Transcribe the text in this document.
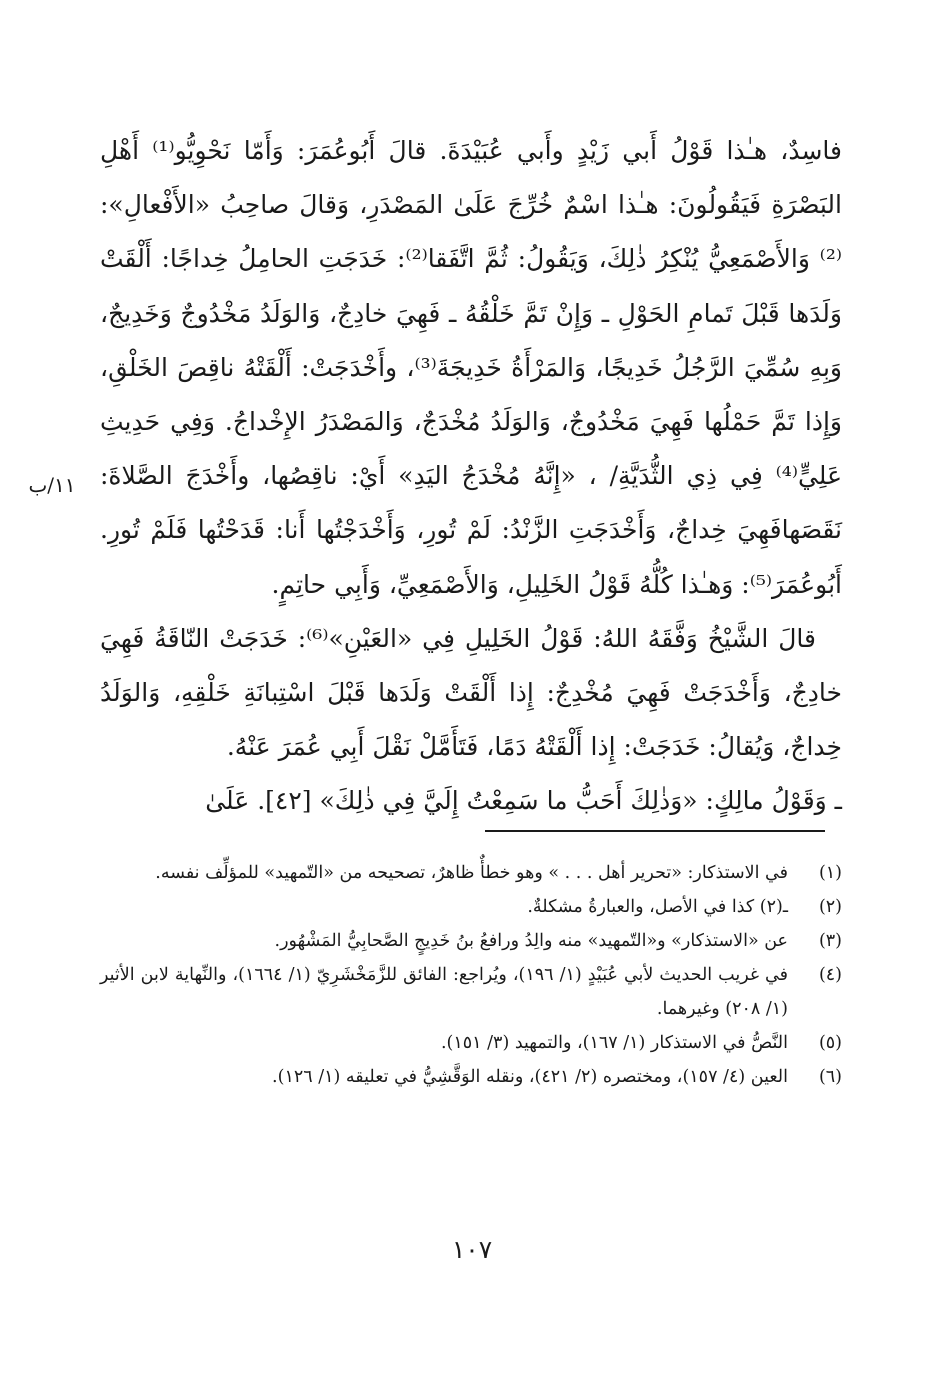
فاسِدٌ، هـٰذا قَوْلُ أَبي زَيْدٍ وأَبي عُبَيْدَةَ. قالَ أَبُوعُمَرَ: وَأَمّا نَحْوِيُّو⁽¹⁾ أَهْلِ البَصْرَةِ فَيَقُولُونَ: هـٰذا اسْمٌ خُرِّجَ عَلَىٰ المَصْدَرِ، وَقالَ صاحِبُ «الأَفْعالِ»:⁽²⁾ وَالأَصْمَعِيُّ يُنْكِرُ ذٰلِكَ، وَيَقُولُ: ثُمَّ اتَّفَقا⁽²⁾: خَدَجَتِ الحامِلُ خِداجًا: أَلْقَتْ وَلَدَها قَبْلَ تَمامِ الحَوْلِ ـ وَإِنْ تَمَّ خَلْقُهُ ـ فَهِيَ خادِجٌ، وَالوَلَدُ مَخْدُوجٌ وَخَدِيجٌ، وَبِهِ سُمِّيَ الرَّجُلُ خَدِيجًا، وَالمَرْأَةُ خَدِيجَةَ⁽³⁾، وأَخْدَجَتْ: أَلْقَتْهُ ناقِصَ الخَلْقِ، وَإِذا تَمَّ حَمْلُها فَهِيَ مَخْدُوجٌ، وَالوَلَدُ مُخْدَجٌ، وَالمَصْدَرُ الإِخْداجُ. وَفِي حَدِيثِ عَلِيٍّ⁽⁴⁾ فِي ذِي الثُّدَيَّةِ/ ، «إِنَّهُ مُخْدَجُ اليَدِ» أَيْ: ناقِصُها، وأَخْدَجَ الصَّلاةَ: نَقَصَهافَهِيَ خِداجٌ، وَأَخْدَجَتِ الزَّنْدُ: لَمْ تُورِ، وَأَخْدَجْتُها أَنا: قَدَحْتُها فَلَمْ تُورِ. أَبُوعُمَرَ⁽⁵⁾: وَهـٰذا كُلُّهُ قَوْلُ الخَلِيلِ، وَالأَصْمَعِيِّ، وَأَبِي حاتِمٍ.

قالَ الشَّيْخُ وَفَّقَهُ اللهُ: قَوْلُ الخَلِيلِ فِي «العَيْنِ»⁽⁶⁾: خَدَجَتْ النّاقَةُ فَهِيَ خادِجٌ، وَأَخْدَجَتْ فَهِيَ مُخْدِجٌ: إِذا أَلْقَتْ وَلَدَها قَبْلَ اسْتِبانَةِ خَلْقِهِ، وَالوَلَدُ خِداجٌ، وَيُقالُ: خَدَجَتْ: إِذا أَلْقَتْهُ دَمًا، فَتَأَمَّلْ نَقْلَ أَبِي عُمَرَ عَنْهُ.

ـ وَقَوْلُ مالِكٍ: «وَذٰلِكَ أَحَبُّ ما سَمِعْتُ إِلَيَّ فِي ذٰلِكَ» [٤٢]. عَلَىٰ

١١/ب
(١)
في الاستذكار: «تحرير أهل . . . » وهو خطأٌ ظاهرٌ، تصحيحه من «التّمهيد» للمؤلِّف نفسه.
(٢)
ـ(٢) كذا في الأصل، والعبارةُ مشكلةٌ.
(٣)
عن «الاستذكار» و«التّمهيد» منه والِدُ ورافعُ بنُ خَدِيجٍ الصَّحابِيُّ المَشْهُور.
(٤)
في غريب الحديث لأبي عُبَيْدٍ (١/ ١٩٦)، ويُراجع: الفائق للزَّمَخْشَرِيّ (١/ ١٦٦٤)، والنِّهاية لابن الأثير (١/ ٢٠٨) وغيرهما.
(٥)
النَّصُّ في الاستذكار (١/ ١٦٧)، والتمهيد (٣/ ١٥١).
(٦)
العين (٤/ ١٥٧)، ومختصره (٢/ ٤٢١)، ونقله الوَقَّشِيُّ في تعليقه (١/ ١٢٦).
١٠٧
